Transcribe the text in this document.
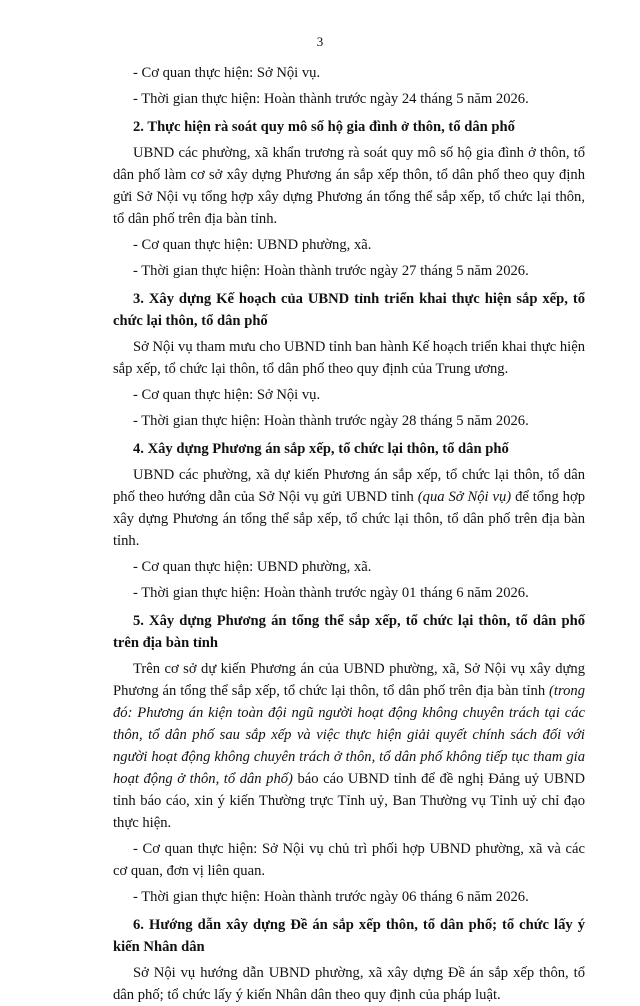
3

- Cơ quan thực hiện: Sở Nội vụ.

- Thời gian thực hiện: Hoàn thành trước ngày 24 tháng 5 năm 2026.

2. Thực hiện rà soát quy mô số hộ gia đình ở thôn, tổ dân phố

UBND các phường, xã khẩn trương rà soát quy mô số hộ gia đình ở thôn, tổ dân phố làm cơ sở xây dựng Phương án sắp xếp thôn, tổ dân phố theo quy định gửi Sở Nội vụ tổng hợp xây dựng Phương án tổng thể sắp xếp, tổ chức lại thôn, tổ dân phố trên địa bàn tỉnh.

- Cơ quan thực hiện: UBND phường, xã.

- Thời gian thực hiện: Hoàn thành trước ngày 27 tháng 5 năm 2026.

3. Xây dựng Kế hoạch của UBND tỉnh triển khai thực hiện sắp xếp, tổ chức lại thôn, tổ dân phố

Sở Nội vụ tham mưu cho UBND tỉnh ban hành Kế hoạch triển khai thực hiện sắp xếp, tổ chức lại thôn, tổ dân phố theo quy định của Trung ương.

- Cơ quan thực hiện: Sở Nội vụ.

- Thời gian thực hiện: Hoàn thành trước ngày 28 tháng 5 năm 2026.

4. Xây dựng Phương án sắp xếp, tổ chức lại thôn, tổ dân phố

UBND các phường, xã dự kiến Phương án sắp xếp, tổ chức lại thôn, tổ dân phố theo hướng dẫn của Sở Nội vụ gửi UBND tỉnh (qua Sở Nội vụ) để tổng hợp xây dựng Phương án tổng thể sắp xếp, tổ chức lại thôn, tổ dân phố trên địa bàn tỉnh.

- Cơ quan thực hiện: UBND phường, xã.

- Thời gian thực hiện: Hoàn thành trước ngày 01 tháng 6 năm 2026.

5. Xây dựng Phương án tổng thể sắp xếp, tổ chức lại thôn, tổ dân phố trên địa bàn tỉnh

Trên cơ sở dự kiến Phương án của UBND phường, xã, Sở Nội vụ xây dựng Phương án tổng thể sắp xếp, tổ chức lại thôn, tổ dân phố trên địa bàn tỉnh (trong đó: Phương án kiện toàn đội ngũ người hoạt động không chuyên trách tại các thôn, tổ dân phố sau sắp xếp và việc thực hiện giải quyết chính sách đối với người hoạt động không chuyên trách ở thôn, tổ dân phố không tiếp tục tham gia hoạt động ở thôn, tổ dân phố) báo cáo UBND tỉnh để đề nghị Đảng uỷ UBND tỉnh báo cáo, xin ý kiến Thường trực Tỉnh uỷ, Ban Thường vụ Tỉnh uỷ chỉ đạo thực hiện.

- Cơ quan thực hiện: Sở Nội vụ chủ trì phối hợp UBND phường, xã và các cơ quan, đơn vị liên quan.

- Thời gian thực hiện: Hoàn thành trước ngày 06 tháng 6 năm 2026.

6. Hướng dẫn xây dựng Đề án sắp xếp thôn, tổ dân phố; tổ chức lấy ý kiến Nhân dân

Sở Nội vụ hướng dẫn UBND phường, xã xây dựng Đề án sắp xếp thôn, tổ dân phố; tổ chức lấy ý kiến Nhân dân theo quy định của pháp luật.
